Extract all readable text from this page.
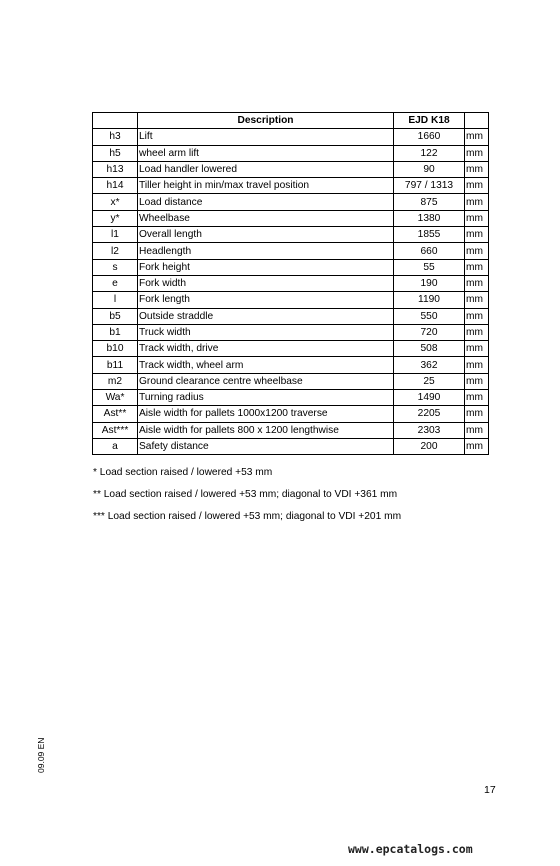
	Description	EJD K18	
h3	Lift	1660	mm
h5	wheel arm lift	122	mm
h13	Load handler lowered	90	mm
h14	Tiller height in min/max travel position	797 / 1313	mm
x*	Load distance	875	mm
y*	Wheelbase	1380	mm
l1	Overall length	1855	mm
l2	Headlength	660	mm
s	Fork height	55	mm
e	Fork width	190	mm
l	Fork length	1190	mm
b5	Outside straddle	550	mm
b1	Truck width	720	mm
b10	Track width, drive	508	mm
b11	Track width, wheel arm	362	mm
m2	Ground clearance centre wheelbase	25	mm
Wa*	Turning radius	1490	mm
Ast**	Aisle width for pallets 1000x1200 traverse	2205	mm
Ast***	Aisle width for pallets 800 x 1200 lengthwise	2303	mm
a	Safety distance	200	mm

* Load section raised / lowered +53 mm

** Load section raised / lowered +53 mm; diagonal to VDI +361 mm

*** Load section raised / lowered +53 mm; diagonal to VDI +201 mm

09.09 EN
17
www.epcatalogs.com
